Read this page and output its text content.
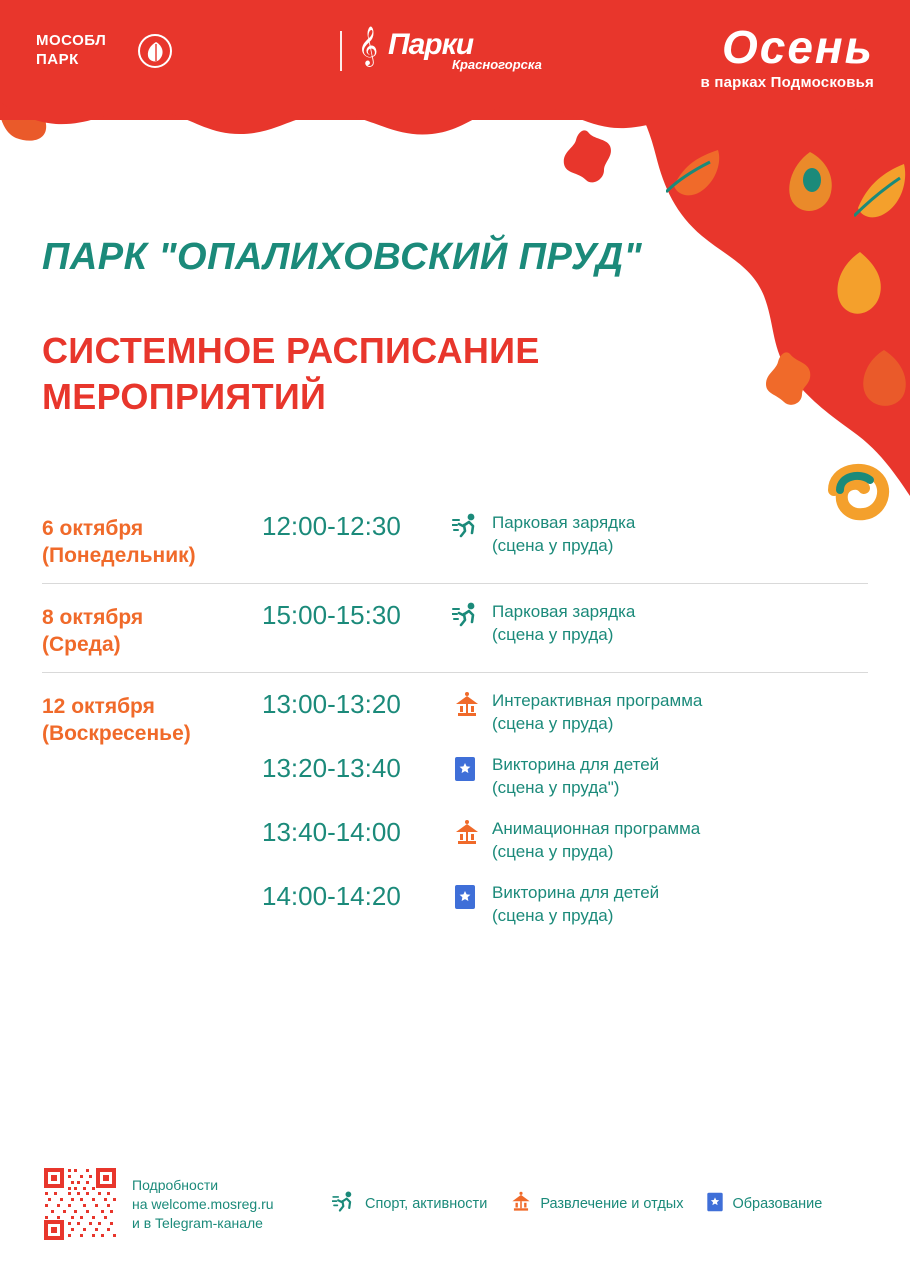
МОСОБЛ
ПАРК	𝄞 Парки
Красногорска	Осень
в парках Подмосковья
ПАРК "ОПАЛИХОВСКИЙ ПРУД"
СИСТЕМНОЕ РАСПИСАНИЕ
МЕРОПРИЯТИЙ
6 октября
(Понедельник)
12:00-12:30	Парковая зарядка
(сцена у пруда)
8 октября
(Среда)
15:00-15:30	Парковая зарядка
(сцена у пруда)
12 октября
(Воскресенье)
13:00-13:20	Интерактивная программа
(сцена у пруда)
13:20-13:40	Викторина для детей
(сцена у пруда")
13:40-14:00	Анимационная программа
(сцена у пруда)
14:00-14:20	Викторина для детей
(сцена у пруда)
Подробности
на welcome.mosreg.ru
и в Telegram-канале
Спорт, активности	Развлечение и отдых	Образование
